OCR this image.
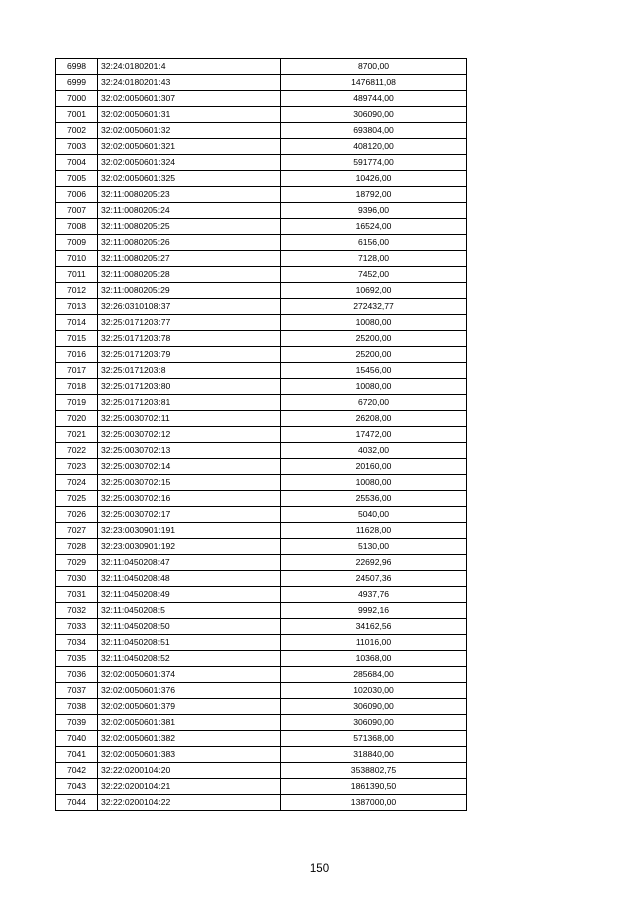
6998	32:24:0180201:4	8700,00
6999	32:24:0180201:43	1476811,08
7000	32:02:0050601:307	489744,00
7001	32:02:0050601:31	306090,00
7002	32:02:0050601:32	693804,00
7003	32:02:0050601:321	408120,00
7004	32:02:0050601:324	591774,00
7005	32:02:0050601:325	10426,00
7006	32:11:0080205:23	18792,00
7007	32:11:0080205:24	9396,00
7008	32:11:0080205:25	16524,00
7009	32:11:0080205:26	6156,00
7010	32:11:0080205:27	7128,00
7011	32:11:0080205:28	7452,00
7012	32:11:0080205:29	10692,00
7013	32:26:0310108:37	272432,77
7014	32:25:0171203:77	10080,00
7015	32:25:0171203:78	25200,00
7016	32:25:0171203:79	25200,00
7017	32:25:0171203:8	15456,00
7018	32:25:0171203:80	10080,00
7019	32:25:0171203:81	6720,00
7020	32:25:0030702:11	26208,00
7021	32:25:0030702:12	17472,00
7022	32:25:0030702:13	4032,00
7023	32:25:0030702:14	20160,00
7024	32:25:0030702:15	10080,00
7025	32:25:0030702:16	25536,00
7026	32:25:0030702:17	5040,00
7027	32:23:0030901:191	11628,00
7028	32:23:0030901:192	5130,00
7029	32:11:0450208:47	22692,96
7030	32:11:0450208:48	24507,36
7031	32:11:0450208:49	4937,76
7032	32:11:0450208:5	9992,16
7033	32:11:0450208:50	34162,56
7034	32:11:0450208:51	11016,00
7035	32:11:0450208:52	10368,00
7036	32:02:0050601:374	285684,00
7037	32:02:0050601:376	102030,00
7038	32:02:0050601:379	306090,00
7039	32:02:0050601:381	306090,00
7040	32:02:0050601:382	571368,00
7041	32:02:0050601:383	318840,00
7042	32:22:0200104:20	3538802,75
7043	32:22:0200104:21	1861390,50
7044	32:22:0200104:22	1387000,00
150
